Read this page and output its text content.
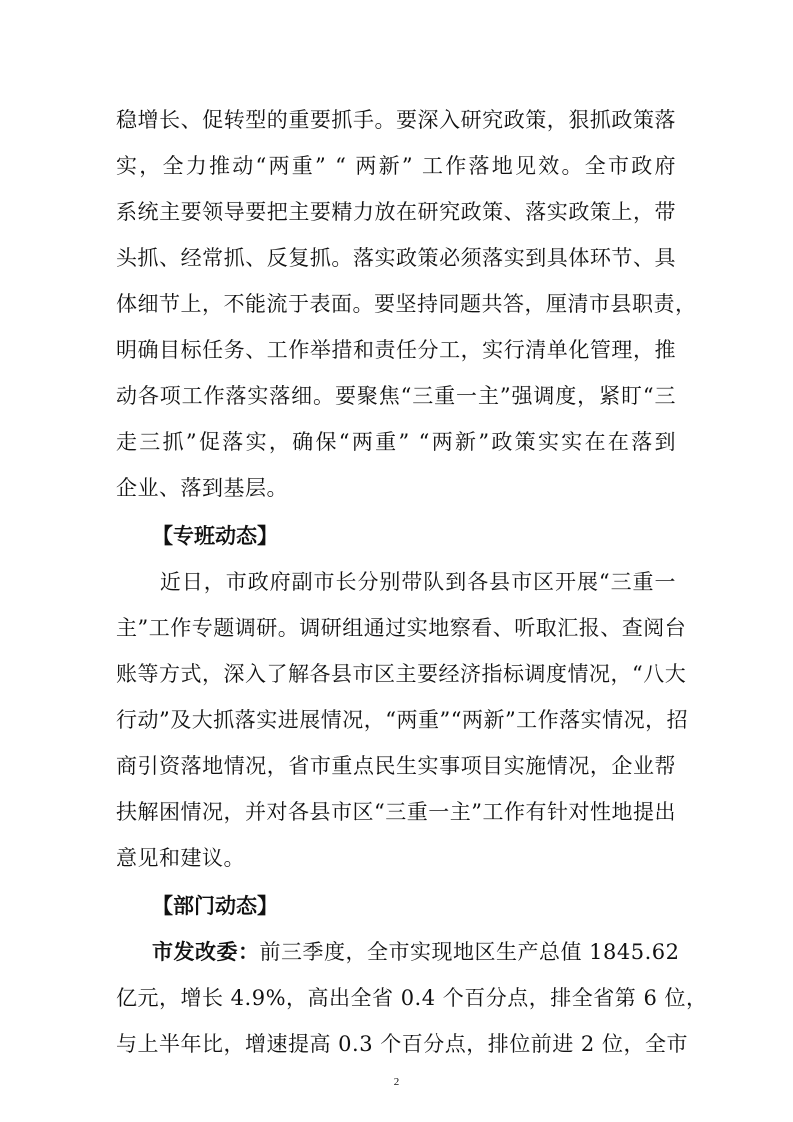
稳增长、促转型的重要抓手。要深入研究政策，狠抓政策落
实，全力推动“两重” “ 两新” 工作落地见效。全市政府
系统主要领导要把主要精力放在研究政策、落实政策上，带
头抓、经常抓、反复抓。落实政策必须落实到具体环节、具
体细节上，不能流于表面。要坚持同题共答，厘清市县职责，
明确目标任务、工作举措和责任分工，实行清单化管理，推
动各项工作落实落细。要聚焦“三重一主”强调度，紧盯“三
走三抓”促落实，确保“两重” “两新”政策实实在在落到
企业、落到基层。
【专班动态】
　　近日，市政府副市长分别带队到各县市区开展“三重一
主”工作专题调研。调研组通过实地察看、听取汇报、查阅台
账等方式，深入了解各县市区主要经济指标调度情况，“八大
行动”及大抓落实进展情况，“两重”“两新”工作落实情况，招
商引资落地情况，省市重点民生实事项目实施情况，企业帮
扶解困情况，并对各县市区“三重一主”工作有针对性地提出
意见和建议。
【部门动态】
市发改委：前三季度，全市实现地区生产总值 1845.62
亿元，增长 4.9%，高出全省 0.4 个百分点，排全省第 6 位，
与上半年比，增速提高 0.3 个百分点，排位前进 2 位，全市
2
